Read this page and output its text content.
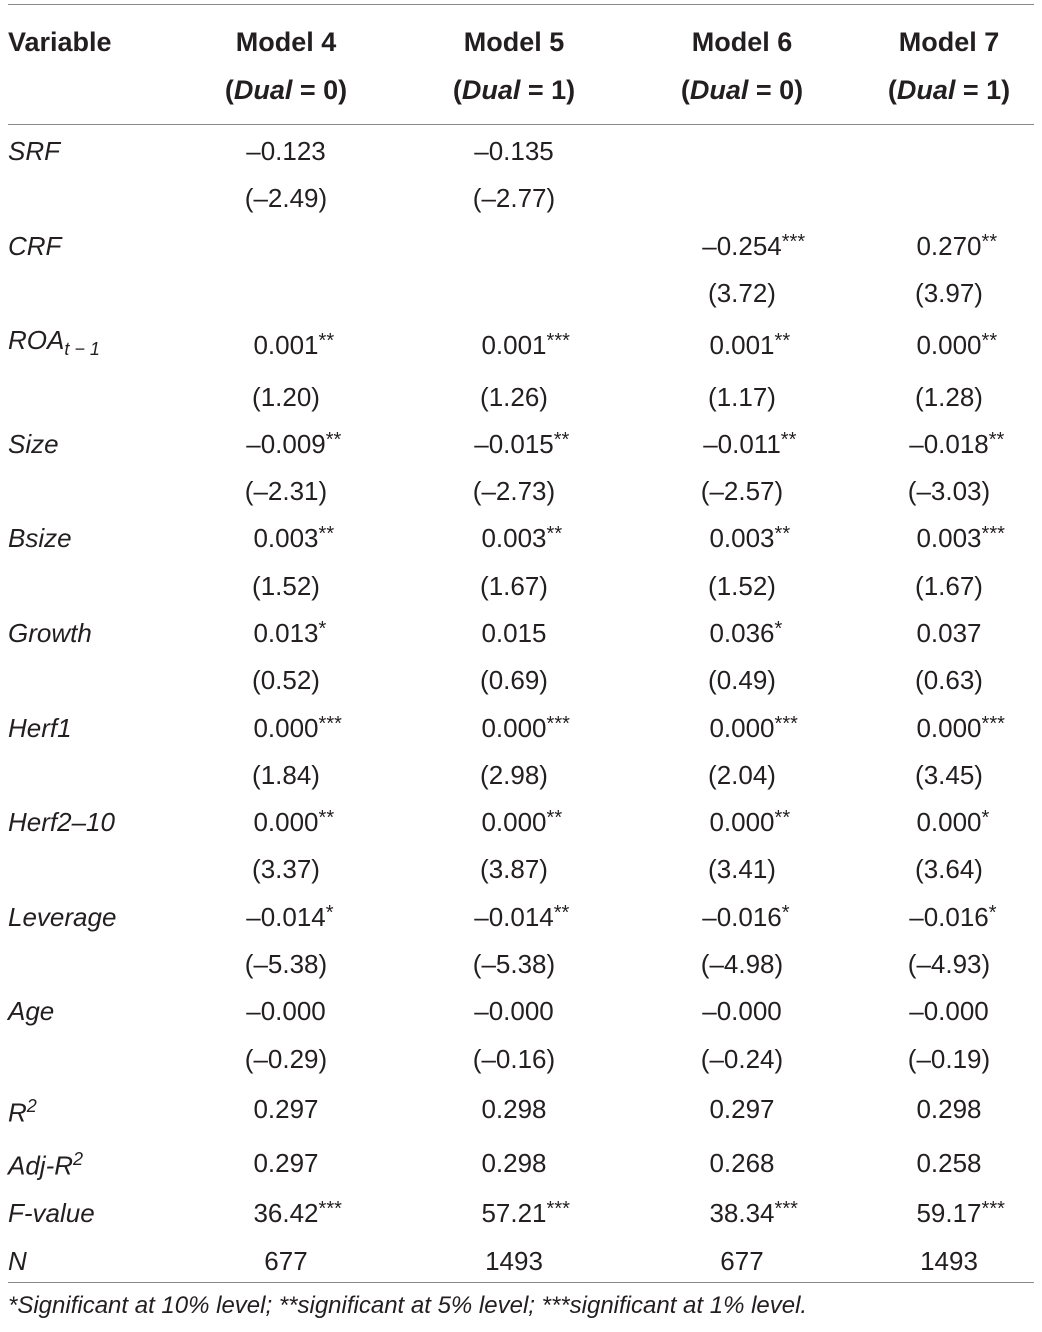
Variable	Model 4	Model 5	Model 6	Model 7
	(Dual = 0)	(Dual = 1)	(Dual = 0)	(Dual = 1)
SRF	–0.123	–0.135

	(–2.49)	(–2.77)		
CRF			–0.254 ***	0.270 **

			(3.72)	(3.97)
$ROA_{t - 1}$	0.001 **	0.001 ***	0.001 **	0.000 **

	(1.20)	(1.26)	(1.17)	(1.28)
Size	–0.009 **	–0.015 **	–0.011 **	–0.018 **

	(–2.31)	(–2.73)	(–2.57)	(–3.03)
Bsize	0.003 **	0.003 **	0.003 **	0.003 ***

	(1.52)	(1.67)	(1.52)	(1.67)
Growth	0.013 *	0.015	0.036 *	0.037

	(0.52)	(0.69)	(0.49)	(0.63)
Herf1	0.000 ***	0.000 ***	0.000 ***	0.000 ***

	(1.84)	(2.98)	(2.04)	(3.45)
Herf2–10	0.000 **	0.000 **	0.000 **	0.000 *

	(3.37)	(3.87)	(3.41)	(3.64)
Leverage	–0.014 *	–0.014 **	–0.016 *	–0.016 *

	(–5.38)	(–5.38)	(–4.98)	(–4.93)
Age	–0.000	–0.000	–0.000	–0.000

	(–0.29)	(–0.16)	(–0.24)	(–0.19)
$R^2$	0.297	0.298	0.297	0.298

Adj-$R^2$	0.297	0.298	0.268	0.258

F-value	36.42 ***	57.21 ***	38.34 ***	59.17 ***

N	677	1493	677	1493
*Significant at 10% level; **significant at 5% level; ***significant at 1% level.
